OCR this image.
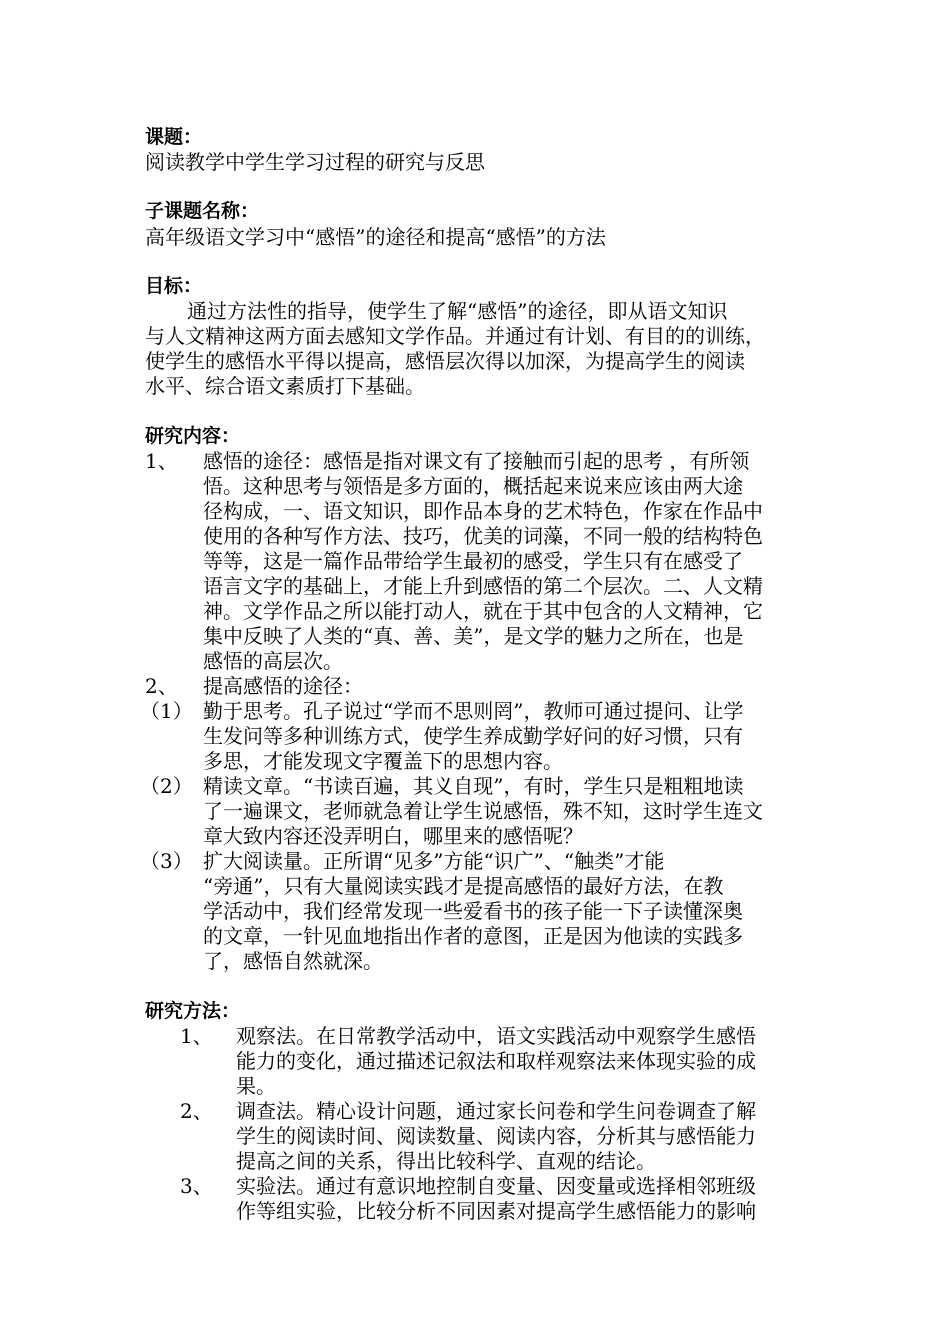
课题：
阅读教学中学生学习过程的研究与反思
子课题名称：
高年级语文学习中“感悟”的途径和提高“感悟”的方法
目标：
通过方法性的指导，使学生了解“感悟”的途径，即从语文知识
与人文精神这两方面去感知文学作品。并通过有计划、有目的的训练，
使学生的感悟水平得以提高，感悟层次得以加深，为提高学生的阅读
水平、综合语文素质打下基础。
研究内容：
1、 感悟的途径：感悟是指对课文有了接触而引起的思考 ，有所领
悟。这种思考与领悟是多方面的，概括起来说来应该由两大途
径构成，一、语文知识，即作品本身的艺术特色，作家在作品中
使用的各种写作方法、技巧，优美的词藻，不同一般的结构特色
等等，这是一篇作品带给学生最初的感受，学生只有在感受了
语言文字的基础上，才能上升到感悟的第二个层次。二、人文精
神。文学作品之所以能打动人，就在于其中包含的人文精神，它
集中反映了人类的“真、善、美”，是文学的魅力之所在，也是
感悟的高层次。
2、 提高感悟的途径：
（1） 勤于思考。孔子说过“学而不思则罔”，教师可通过提问、让学
生发问等多种训练方式，使学生养成勤学好问的好习惯，只有
多思，才能发现文字覆盖下的思想内容。
（2） 精读文章。“书读百遍，其义自现”，有时，学生只是粗粗地读
了一遍课文，老师就急着让学生说感悟，殊不知，这时学生连文
章大致内容还没弄明白，哪里来的感悟呢？
（3） 扩大阅读量。正所谓“见多”方能“识广”、“触类”才能
“旁通”，只有大量阅读实践才是提高感悟的最好方法，在教
学活动中，我们经常发现一些爱看书的孩子能一下子读懂深奥
的文章，一针见血地指出作者的意图，正是因为他读的实践多
了，感悟自然就深。
研究方法：
1、 观察法。在日常教学活动中，语文实践活动中观察学生感悟
能力的变化，通过描述记叙法和取样观察法来体现实验的成
果。
2、 调查法。精心设计问题，通过家长问卷和学生问卷调查了解
学生的阅读时间、阅读数量、阅读内容，分析其与感悟能力
提高之间的关系，得出比较科学、直观的结论。
3、 实验法。通过有意识地控制自变量、因变量或选择相邻班级
作等组实验，比较分析不同因素对提高学生感悟能力的影响
